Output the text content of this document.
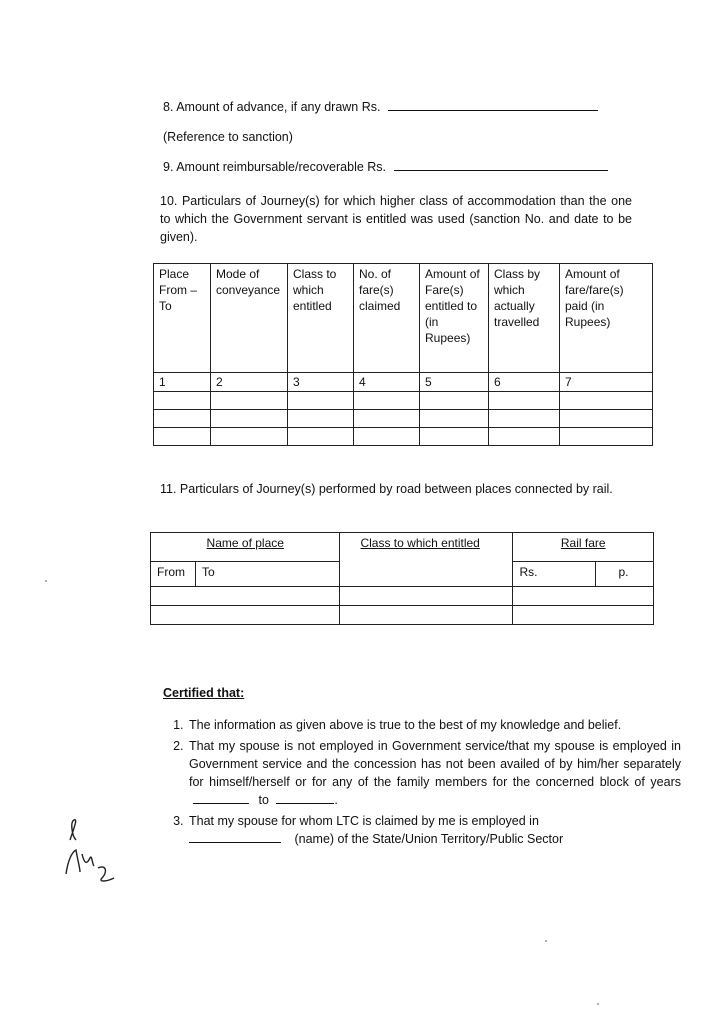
8. Amount of advance, if any drawn Rs.
(Reference to sanction)
9. Amount reimbursable/recoverable Rs.
10. Particulars of Journey(s) for which higher class of accommodation than the one to which the Government servant is entitled was used (sanction No. and date to be given).
Place From – To	Mode of conveyance	Class to which entitled	No. of fare(s) claimed	Amount of Fare(s) entitled to (in Rupees)	Class by which actually travelled	Amount of fare/fare(s) paid (in Rupees)
1	2	3	4	5	6	7

11. Particulars of Journey(s) performed by road between places connected by rail.
Name of place		Class to which entitled	Rail fare	
From	To		Rs.	p.

Certified that:
1. The information as given above is true to the best of my knowledge and belief.
2. That my spouse is not employed in Government service/that my spouse is employed in Government service and the concession has not been availed of by him/her separately for himself/herself or for any of the family members for the concerned block of years  to	.
3. That my spouse for whom LTC is claimed by me is employed in
(name) of the State/Union Territory/Public Sector
